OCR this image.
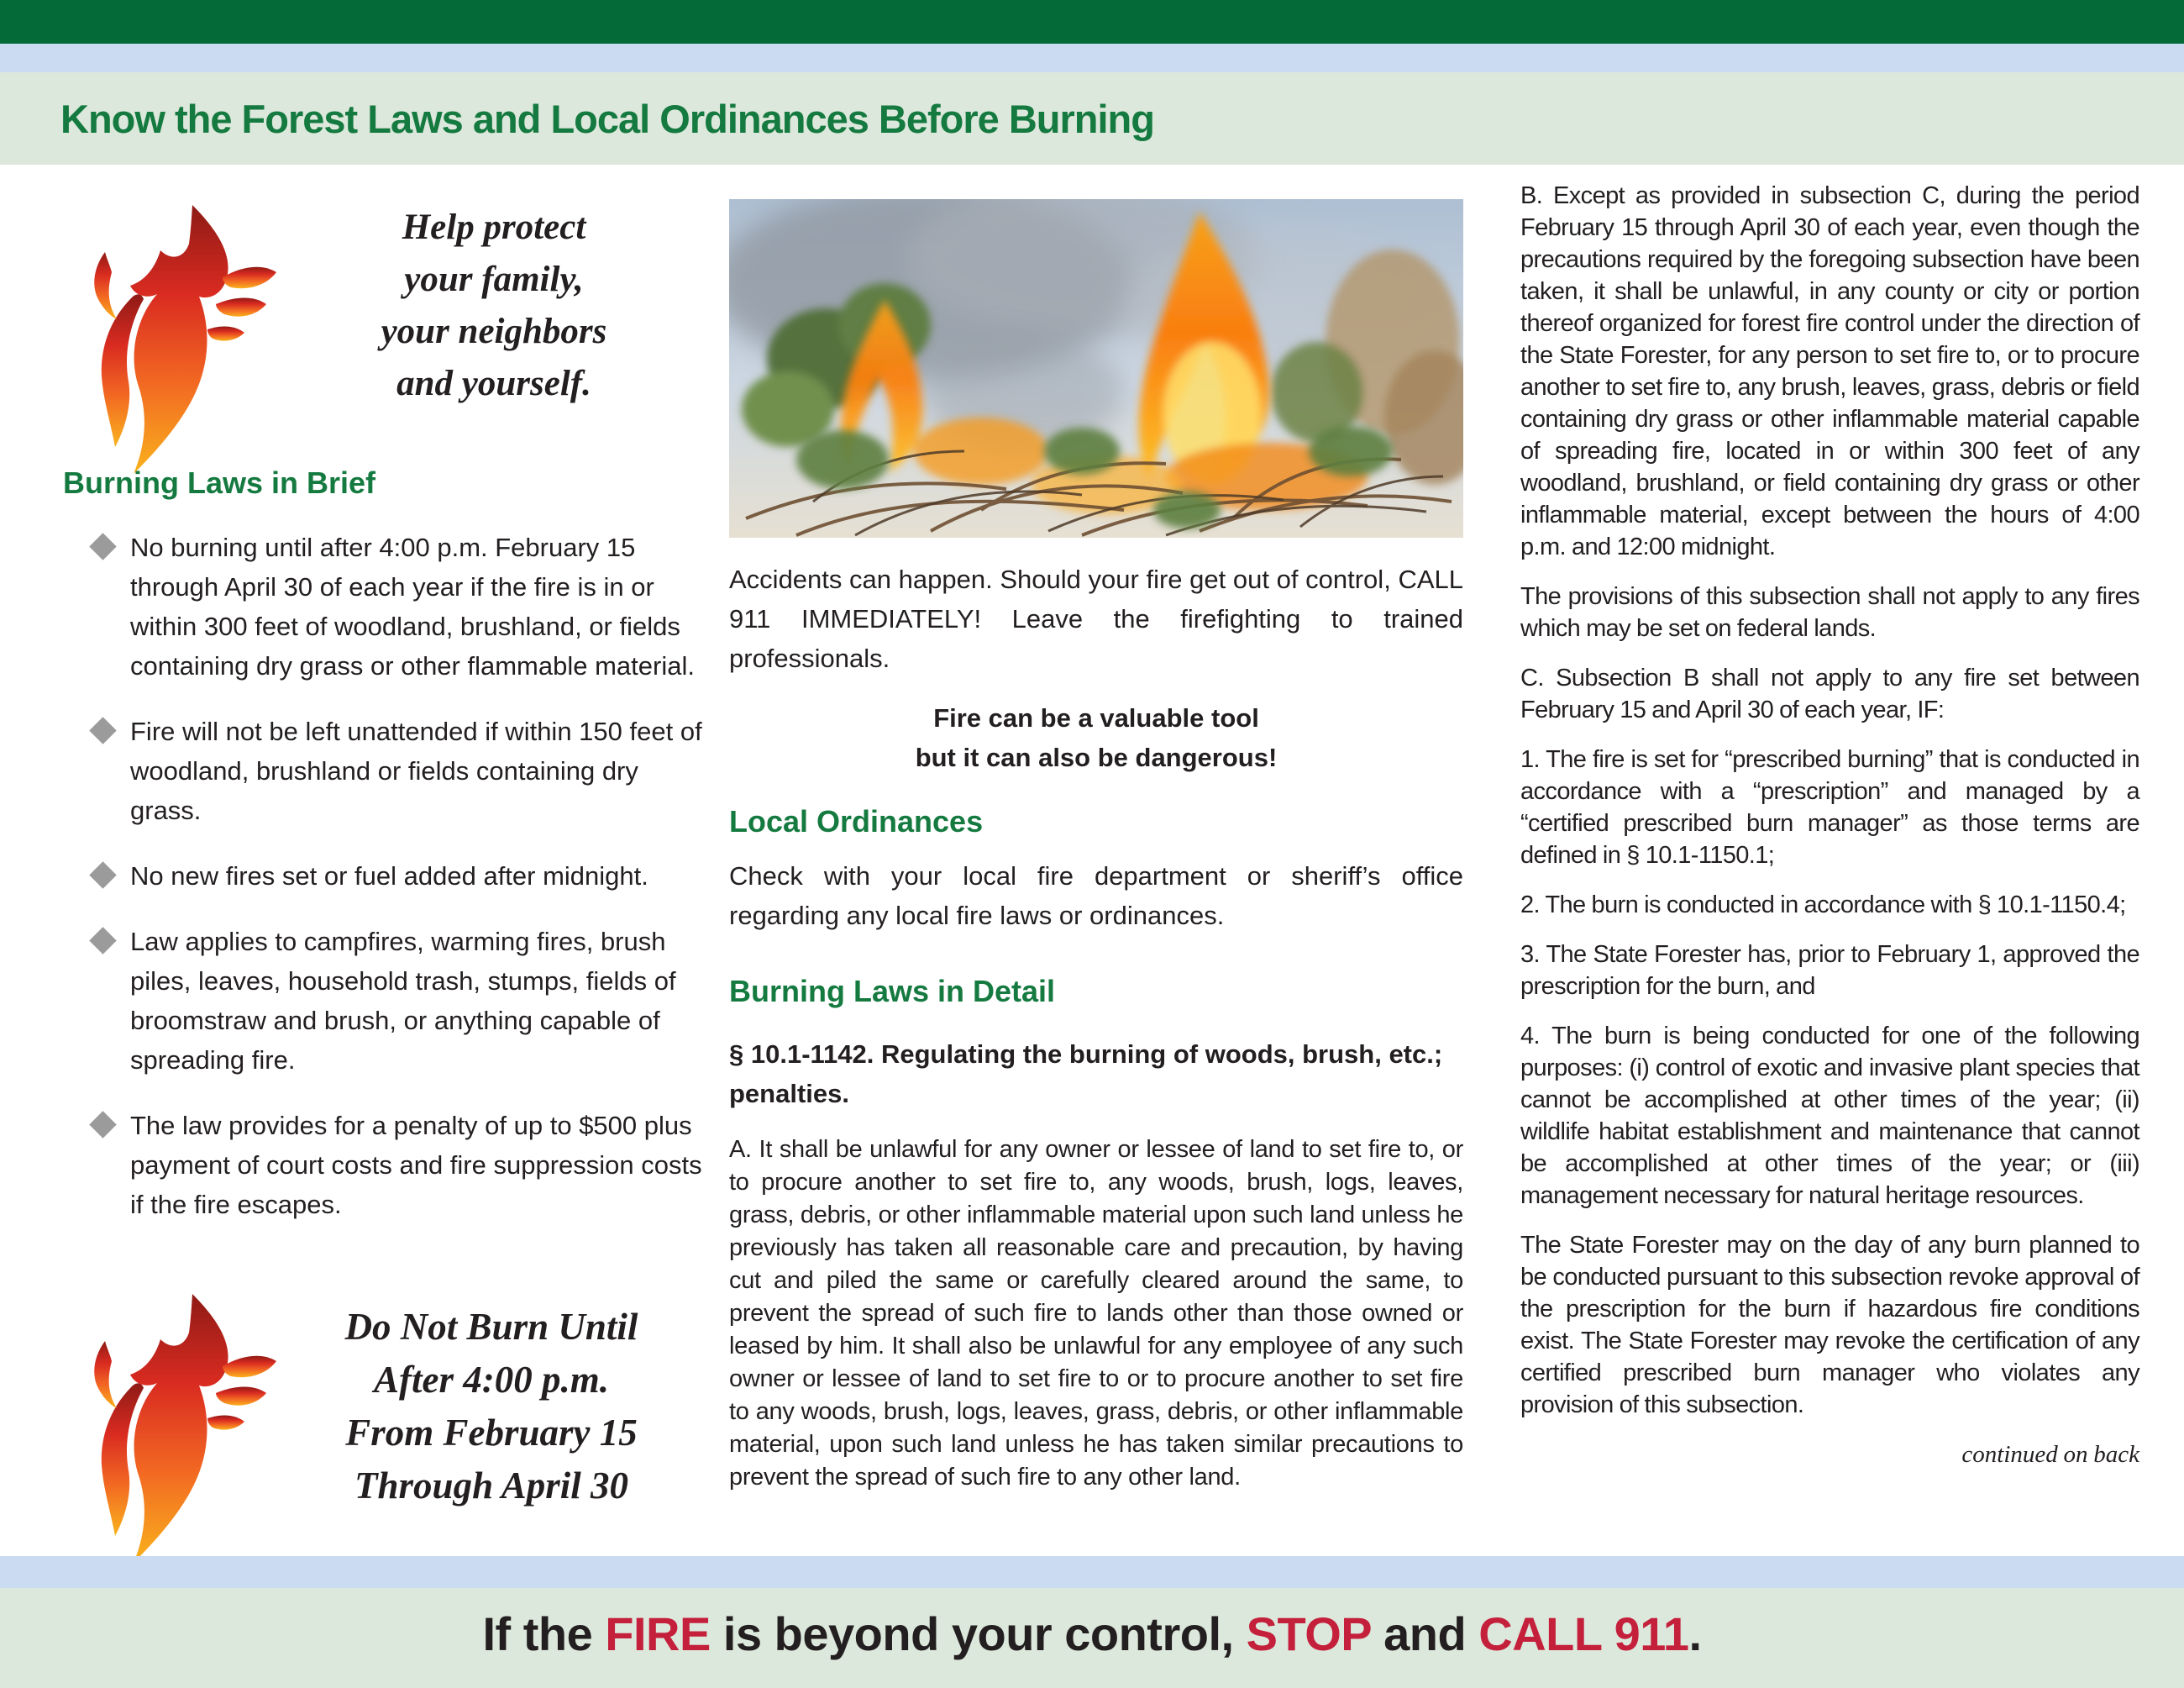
Know the Forest Laws and Local Ordinances Before Burning
Help protect
your family,
your neighbors
and yourself.
Burning Laws in Brief
No burning until after 4:00 p.m. February 15 through April 30 of each year if the fire is in or within 300 feet of woodland, brushland, or fields containing dry grass or other flammable material.
Fire will not be left unattended if within 150 feet of woodland, brushland or fields containing dry grass.
No new fires set or fuel added after midnight.
Law applies to campfires, warming fires, brush piles, leaves, household trash, stumps, fields of broomstraw and brush, or anything capable of spreading fire.
The law provides for a penalty of up to $500 plus payment of court costs and fire suppression costs if the fire escapes.
Do Not Burn Until
After 4:00 p.m.
From February 15
Through April 30

Accidents can happen. Should your fire get out of control, CALL 911 IMMEDIATELY! Leave the firefighting to trained professionals.

Fire can be a valuable tool
but it can also be dangerous!
Local Ordinances

Check with your local fire department or sheriff’s office regarding any local fire laws or ordinances.

Burning Laws in Detail
§ 10.1-1142. Regulating the burning of woods, brush, etc.; penalties.

A. It shall be unlawful for any owner or lessee of land to set fire to, or to procure another to set fire to, any woods, brush, logs, leaves, grass, debris, or other inflammable material upon such land unless he previously has taken all reasonable care and precaution, by having cut and piled the same or carefully cleared around the same, to prevent the spread of such fire to lands other than those owned or leased by him. It shall also be unlawful for any employee of any such owner or lessee of land to set fire to or to procure another to set fire to any woods, brush, logs, leaves, grass, debris, or other inflammable material, upon such land unless he has taken similar precautions to prevent the spread of such fire to any other land.

B. Except as provided in subsection C, during the period February 15 through April 30 of each year, even though the precautions required by the foregoing subsection have been taken, it shall be unlawful, in any county or city or portion thereof organized for forest fire control under the direction of the State Forester, for any person to set fire to, or to procure another to set fire to, any brush, leaves, grass, debris or field containing dry grass or other inflammable material capable of spreading fire, located in or within 300 feet of any woodland, brushland, or field containing dry grass or other inflammable material, except between the hours of 4:00 p.m. and 12:00 midnight.

The provisions of this subsection shall not apply to any fires which may be set on federal lands.

C. Subsection B shall not apply to any fire set between February 15 and April 30 of each year, IF:

1. The fire is set for “prescribed burning” that is conducted in accordance with a “prescription” and managed by a “certified prescribed burn manager” as those terms are defined in § 10.1-1150.1;

2. The burn is conducted in accordance with § 10.1-1150.4;

3. The State Forester has, prior to February 1, approved the prescription for the burn, and

4. The burn is being conducted for one of the following purposes: (i) control of exotic and invasive plant species that cannot be accomplished at other times of the year; (ii) wildlife habitat establishment and maintenance that cannot be accomplished at other times of the year; or (iii) management necessary for natural heritage resources.

The State Forester may on the day of any burn planned to be conducted pursuant to this subsection revoke approval of the prescription for the burn if hazardous fire conditions exist. The State Forester may revoke the certification of any certified prescribed burn manager who violates any provision of this subsection.

continued on back

If the FIRE is beyond your control, STOP and CALL 911.
